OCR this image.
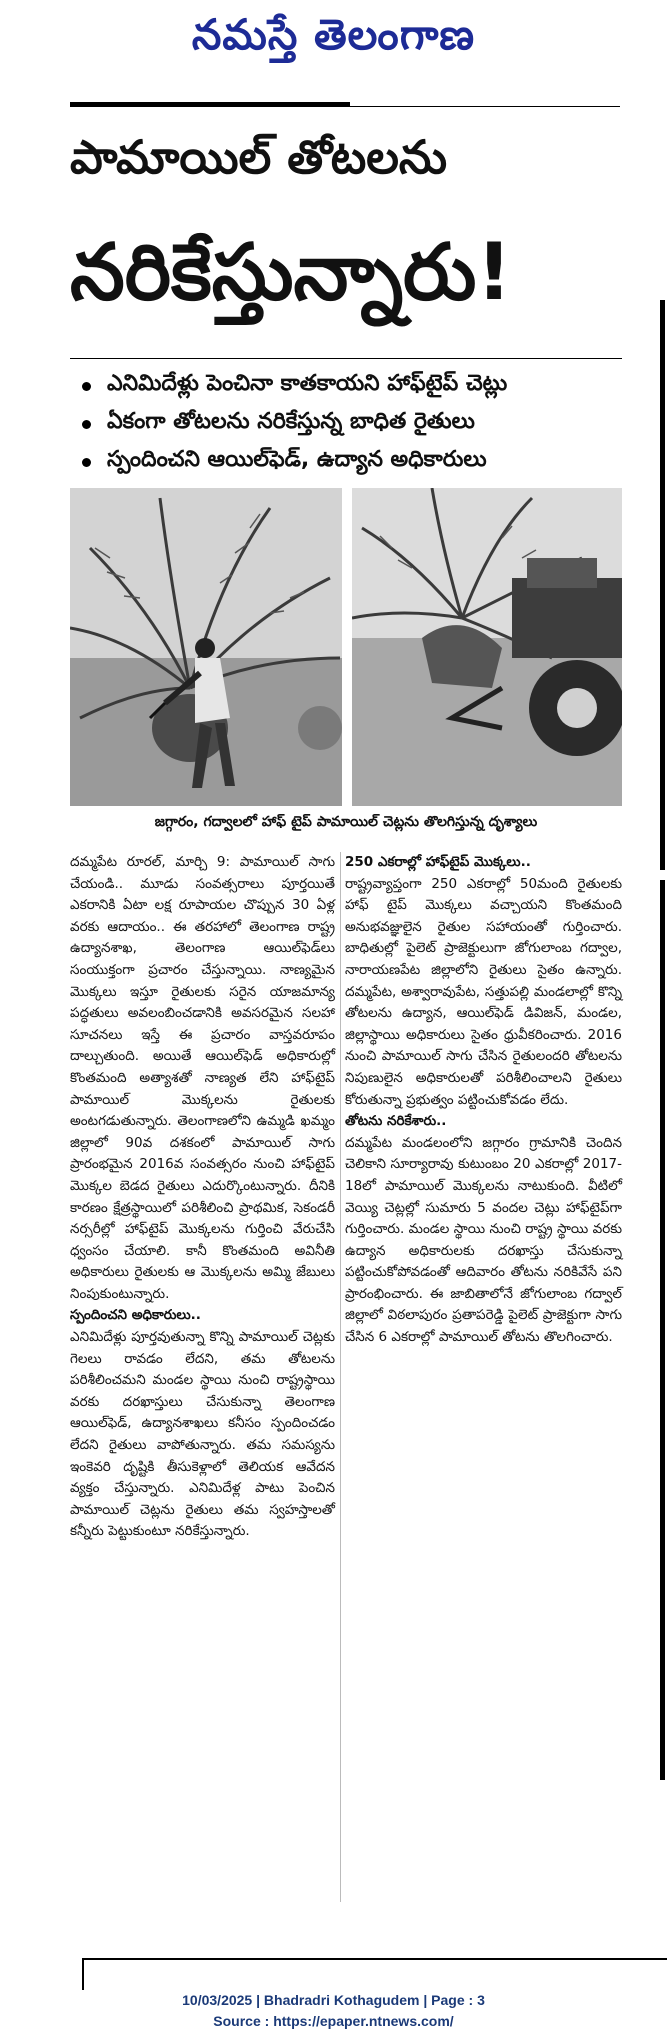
నమస్తే తెలంగాణ
పామాయిల్ తోటలను
నరికేస్తున్నారు!
ఎనిమిదేళ్లు పెంచినా కాతకాయని హాఫ్‌టైప్ చెట్లు
ఏకంగా తోటలను నరికేస్తున్న బాధిత రైతులు
స్పందించని ఆయిల్‌ఫెడ్, ఉద్యాన అధికారులు
జగ్గారం, గద్వాలలో హాఫ్ టైప్ పామాయిల్ చెట్లను తొలగిస్తున్న దృశ్యాలు

దమ్మపేట రూరల్, మార్చి 9: పామాయిల్ సాగు చేయండి.. మూడు సంవత్సరాలు పూర్తయితే ఎకరానికి ఏటా లక్ష రూపాయల చొప్పున 30 ఏళ్ల వరకు ఆదాయం.. ఈ తరహాలో తెలంగాణ రాష్ట్ర ఉద్యానశాఖ, తెలంగాణ ఆయిల్‌ఫెడ్‌లు సంయుక్తంగా ప్రచారం చేస్తున్నాయి. నాణ్యమైన మొక్కలు ఇస్తూ రైతులకు సరైన యాజమాన్య పద్ధతులు అవలంబించడానికి అవసరమైన సలహా సూచనలు ఇస్తే ఈ ప్రచారం వాస్తవరూపం దాల్చుతుంది. అయితే ఆయిల్‌ఫెడ్ అధికారుల్లో కొంతమంది అత్యాశతో నాణ్యత లేని హాఫ్‌టైప్ పామాయిల్ మొక్కలను రైతులకు అంటగడుతున్నారు. తెలంగాణలోని ఉమ్మడి ఖమ్మం జిల్లాలో 90వ దశకంలో పామాయిల్ సాగు ప్రారంభమైన 2016వ సంవత్సరం నుంచి హాఫ్‌టైప్ మొక్కల బెడద రైతులు ఎదుర్కొంటున్నారు. దీనికి కారణం క్షేత్రస్థాయిలో పరిశీలించి ప్రాథమిక, సెకండరీ నర్సరీల్లో హాఫ్‌టైప్ మొక్కలను గుర్తించి వేరుచేసి ధ్వంసం చేయాలి. కానీ కొంతమంది అవినీతి అధికారులు రైతులకు ఆ మొక్కలను అమ్మి జేబులు నింపుకుంటున్నారు.

స్పందించని అధికారులు..

ఎనిమిదేళ్లు పూర్తవుతున్నా కొన్ని పామాయిల్ చెట్లకు గెలలు రావడం లేదని, తమ తోటలను పరిశీలించమని మండల స్థాయి నుంచి రాష్ట్రస్థాయి వరకు దరఖాస్తులు చేసుకున్నా తెలంగాణ ఆయిల్‌ఫెడ్, ఉద్యానశాఖలు కనీసం స్పందించడం లేదని రైతులు వాపోతున్నారు. తమ సమస్యను ఇంకెవరి దృష్టికి తీసుకెళ్లాలో తెలియక ఆవేదన వ్యక్తం చేస్తున్నారు. ఎనిమిదేళ్ల పాటు పెంచిన పామాయిల్ చెట్లను రైతులు తమ స్వహస్తాలతో కన్నీరు పెట్టుకుంటూ నరికేస్తున్నారు.

250 ఎకరాల్లో హాఫ్‌టైప్ మొక్కలు..

రాష్ట్రవ్యాప్తంగా 250 ఎకరాల్లో 50మంది రైతులకు హాఫ్ టైప్ మొక్కలు వచ్చాయని కొంతమంది అనుభవజ్ఞులైన రైతుల సహాయంతో గుర్తించారు. బాధితుల్లో పైలెట్ ప్రాజెక్టులుగా జోగులాంబ గద్వాల, నారాయణపేట జిల్లాలోని రైతులు సైతం ఉన్నారు. దమ్మపేట, అశ్వారావుపేట, సత్తుపల్లి మండలాల్లో కొన్ని తోటలను ఉద్యాన, ఆయిల్‌ఫెడ్ డివిజన్, మండల, జిల్లాస్థాయి అధికారులు సైతం ధ్రువీకరించారు. 2016 నుంచి పామాయిల్ సాగు చేసిన రైతులందరి తోటలను నిపుణులైన అధికారులతో పరిశీలించాలని రైతులు కోరుతున్నా ప్రభుత్వం పట్టించుకోవడం లేదు.

తోటను నరికేశారు..

దమ్మపేట మండలంలోని జగ్గారం గ్రామానికి చెందిన చెలికాని సూర్యారావు కుటుంబం 20 ఎకరాల్లో 2017-18లో పామాయిల్ మొక్కలను నాటుకుంది. వీటిలో వెయ్యి చెట్లల్లో సుమారు 5 వందల చెట్లు హాఫ్‌టైప్‌గా గుర్తించారు. మండల స్థాయి నుంచి రాష్ట్ర స్థాయి వరకు ఉద్యాన అధికారులకు దరఖాస్తు చేసుకున్నా పట్టించుకోపోవడంతో ఆదివారం తోటను నరికివేసే పని ప్రారంభించారు. ఈ జాబితాలోనే జోగులాంబ గద్వాల్ జిల్లాలో విఠలాపురం ప్రతాపరెడ్డి పైలెట్ ప్రాజెక్టుగా సాగు చేసిన 6 ఎకరాల్లో పామాయిల్ తోటను తొలగించారు.

10/03/2025 | Bhadradri Kothagudem | Page : 3
Source : https://epaper.ntnews.com/
